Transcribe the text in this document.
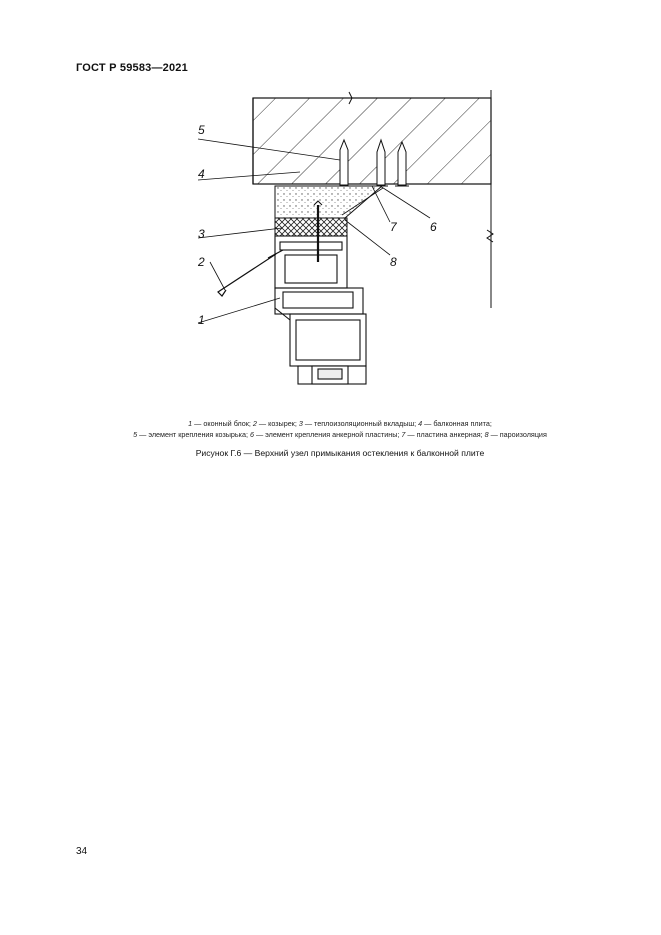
ГОСТ Р 59583—2021
5
4
3
2
1
7	6
8
1 — оконный блок; 2 — козырек; 3 — теплоизоляционный вкладыш; 4 — балконная плита;
5 — элемент крепления козырька; 6 — элемент крепления анкерной пластины; 7 — пластина анкерная; 8 — пароизоляция
Рисунок Г.6 — Верхний узел примыкания остекления к балконной плите
34
